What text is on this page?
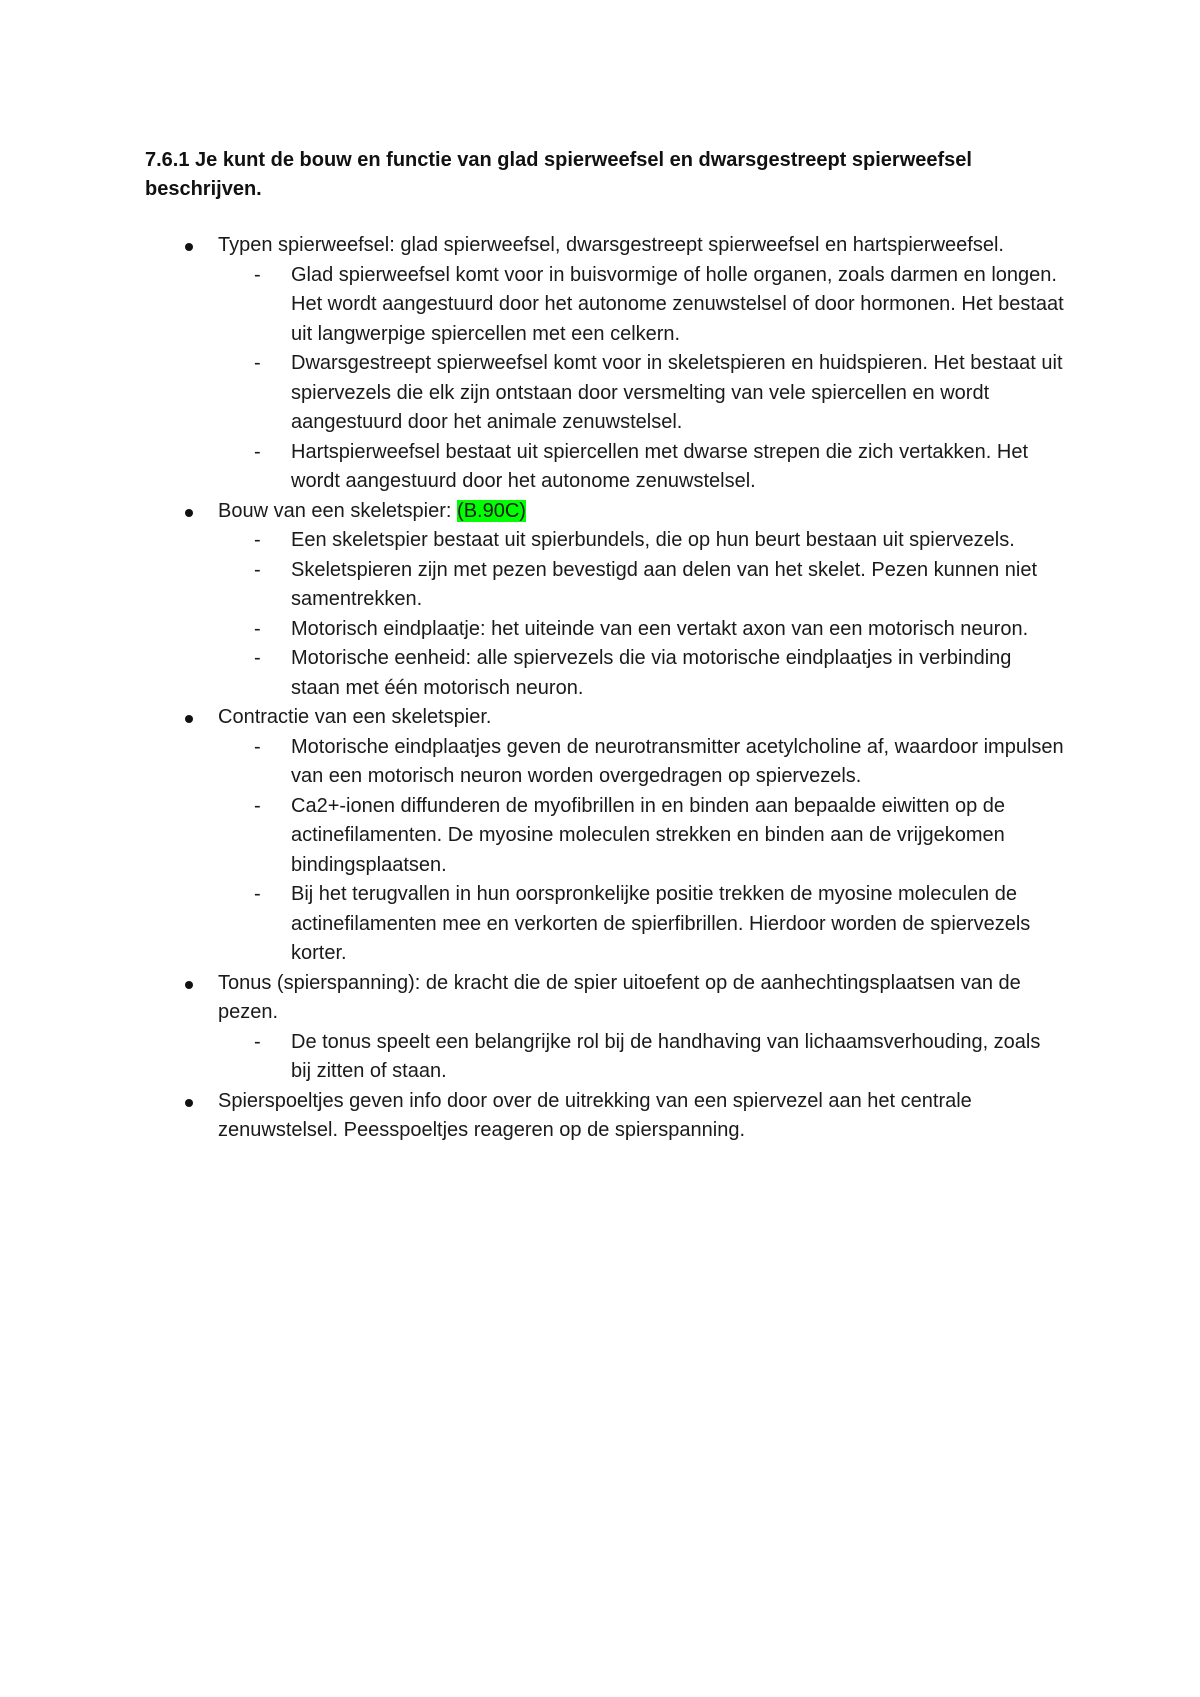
7.6.1 Je kunt de bouw en functie van glad spierweefsel en dwarsgestreept spierweefsel beschrijven.
Typen spierweefsel: glad spierweefsel, dwarsgestreept spierweefsel en hartspierweefsel.
- Glad spierweefsel komt voor in buisvormige of holle organen, zoals darmen en longen. Het wordt aangestuurd door het autonome zenuwstelsel of door hormonen. Het bestaat uit langwerpige spiercellen met een celkern.
- Dwarsgestreept spierweefsel komt voor in skeletspieren en huidspieren. Het bestaat uit spiervezels die elk zijn ontstaan door versmelting van vele spiercellen en wordt aangestuurd door het animale zenuwstelsel.
- Hartspierweefsel bestaat uit spiercellen met dwarse strepen die zich vertakken. Het wordt aangestuurd door het autonome zenuwstelsel.
Bouw van een skeletspier: (B.90C)
- Een skeletspier bestaat uit spierbundels, die op hun beurt bestaan uit spiervezels.
- Skeletspieren zijn met pezen bevestigd aan delen van het skelet. Pezen kunnen niet samentrekken.
- Motorisch eindplaatje: het uiteinde van een vertakt axon van een motorisch neuron.
- Motorische eenheid: alle spiervezels die via motorische eindplaatjes in verbinding staan met één motorisch neuron.
Contractie van een skeletspier.
- Motorische eindplaatjes geven de neurotransmitter acetylcholine af, waardoor impulsen van een motorisch neuron worden overgedragen op spiervezels.
- Ca2+-ionen diffunderen de myofibrillen in en binden aan bepaalde eiwitten op de actinefilamenten. De myosine moleculen strekken en binden aan de vrijgekomen bindingsplaatsen.
- Bij het terugvallen in hun oorspronkelijke positie trekken de myosine moleculen de actinefilamenten mee en verkorten de spierfibrillen. Hierdoor worden de spiervezels korter.
Tonus (spierspanning): de kracht die de spier uitoefent op de aanhechtingsplaatsen van de pezen.
- De tonus speelt een belangrijke rol bij de handhaving van lichaamsverhouding, zoals bij zitten of staan.
Spierspoeltjes geven info door over de uitrekking van een spiervezel aan het centrale zenuwstelsel. Peesspoeltjes reageren op de spierspanning.
